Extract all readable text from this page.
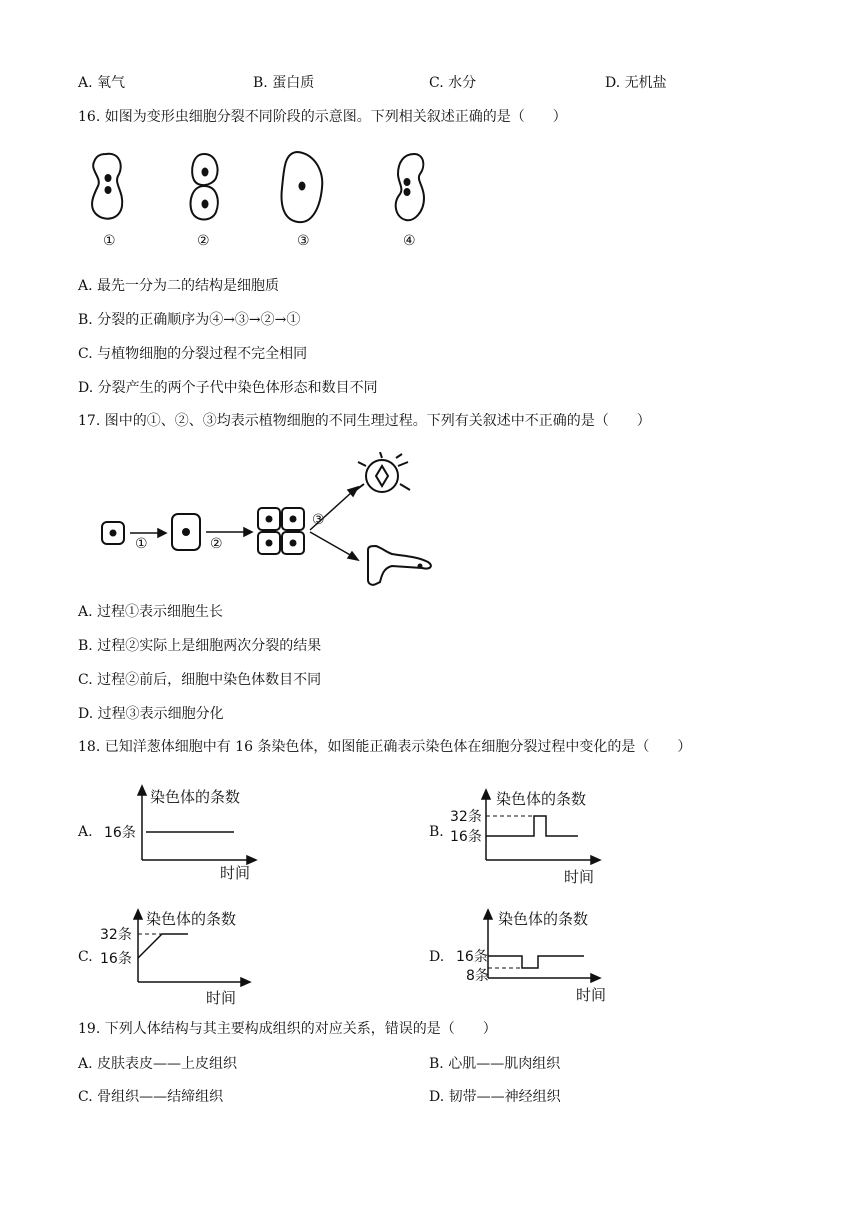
A. 氧气	B. 蛋白质	C. 水分	D. 无机盐
16. 如图为变形虫细胞分裂不同阶段的示意图。下列相关叙述正确的是（　　）
①	②	③	④
A. 最先一分为二的结构是细胞质
B. 分裂的正确顺序为④→③→②→①
C. 与植物细胞的分裂过程不完全相同
D. 分裂产生的两个子代中染色体形态和数目不同
17. 图中的①、②、③均表示植物细胞的不同生理过程。下列有关叙述中不正确的是（　　）
①	②
③
A. 过程①表示细胞生长
B. 过程②实际上是细胞两次分裂的结果
C. 过程②前后，细胞中染色体数目不同
D. 过程③表示细胞分化
18. 已知洋葱体细胞中有 16 条染色体，如图能正确表示染色体在细胞分裂过程中变化的是（　　）
A.
染色体的条数
16条
时间
B.
染色体的条数
32条
16条
时间
C.
染色体的条数
32条
16条
时间
D.
染色体的条数
16条
8条
时间
19. 下列人体结构与其主要构成组织的对应关系，错误的是（　　）
A. 皮肤表皮——上皮组织	B. 心肌——肌肉组织
C. 骨组织——结缔组织	D. 韧带——神经组织
